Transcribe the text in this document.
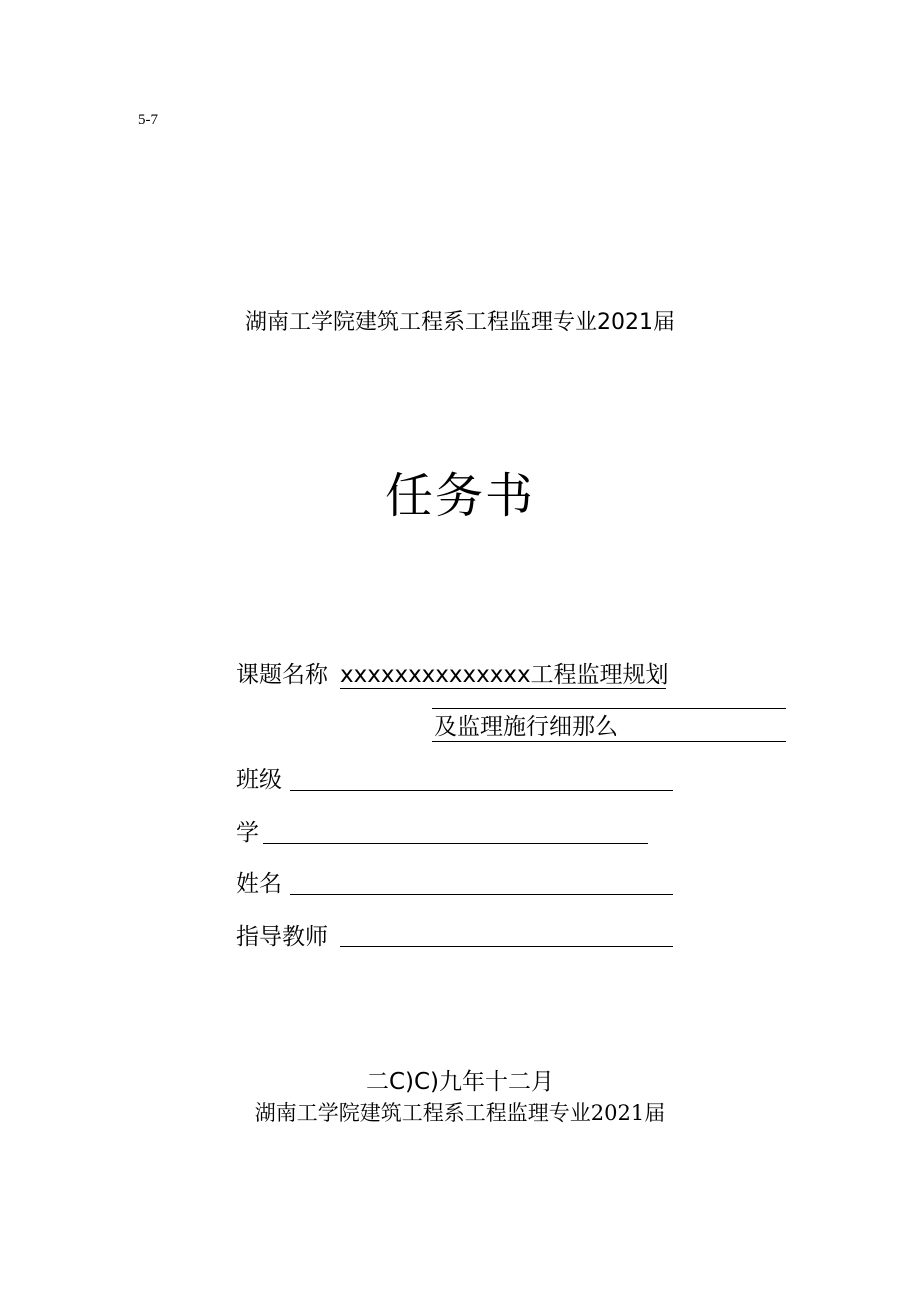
5-7
湖南工学院建筑工程系工程监理专业2021届
任务书
课题名称 xxxxxxxxxxxxxx工程监理规划
及监理施行细那么
班级
学
姓名
指导教师
二C)C)九年十二月
湖南工学院建筑工程系工程监理专业2021届
